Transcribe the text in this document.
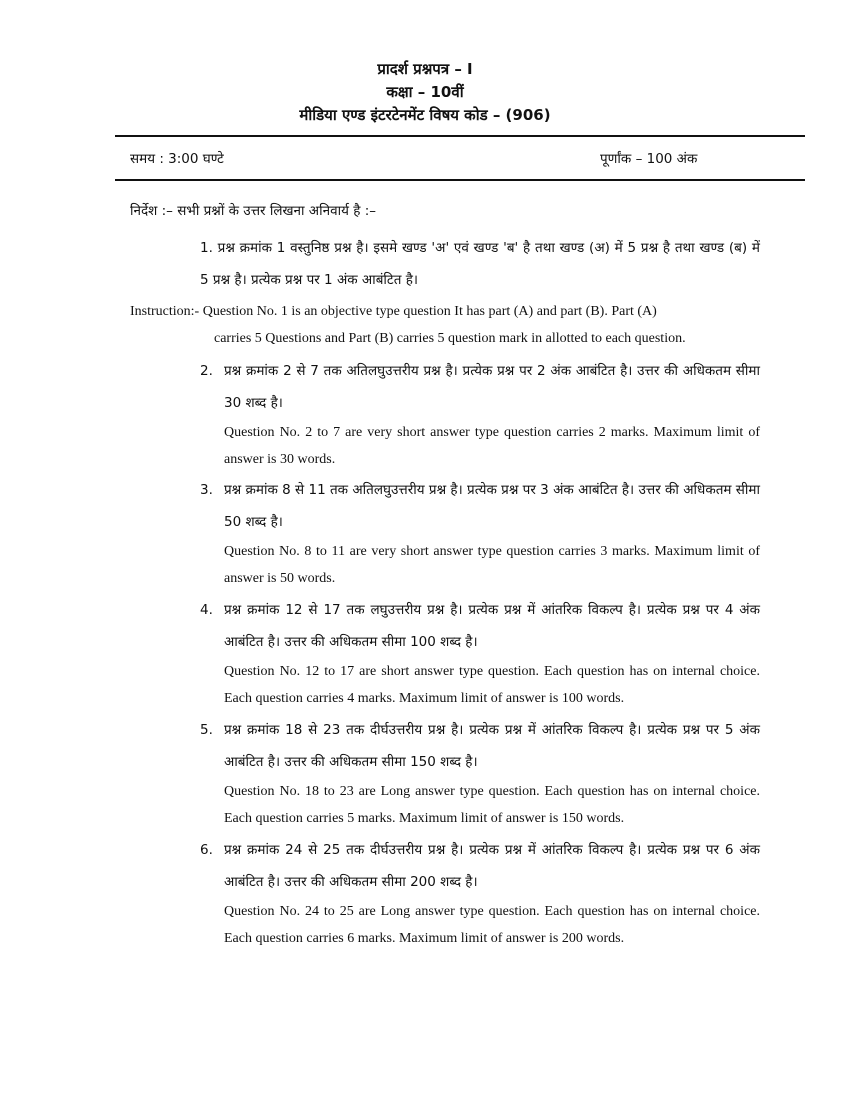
प्रादर्श प्रश्नपत्र – I
कक्षा – 10वीं
मीडिया एण्ड इंटरटेनमेंट विषय कोड – (906)
समय : 3:00 घण्टे	पूर्णांक – 100 अंक
निर्देश :– सभी प्रश्नों के उत्तर लिखना अनिवार्य है :–
1. प्रश्न क्रमांक 1 वस्तुनिष्ठ प्रश्न है। इसमे खण्ड 'अ' एवं खण्ड 'ब' है तथा खण्ड (अ) में 5 प्रश्न है तथा खण्ड (ब) में 5 प्रश्न है। प्रत्येक प्रश्न पर 1 अंक आबंटित है।
Instruction:- Question No. 1 is an objective type question It has part (A) and part (B). Part (A)
carries 5 Questions and Part (B) carries 5 question mark in allotted to each question.
2. प्रश्न क्रमांक 2 से 7 तक अतिलघुउत्तरीय प्रश्न है। प्रत्येक प्रश्न पर 2 अंक आबंटित है। उत्तर की अधिकतम सीमा 30 शब्द है।
Question No. 2 to 7 are very short answer type question carries 2 marks. Maximum limit of answer is 30 words.
3. प्रश्न क्रमांक 8 से 11 तक अतिलघुउत्तरीय प्रश्न है। प्रत्येक प्रश्न पर 3 अंक आबंटित है। उत्तर की अधिकतम सीमा 50 शब्द है।
Question No. 8 to 11 are very short answer type question carries 3 marks. Maximum limit of answer is 50 words.
4. प्रश्न क्रमांक 12 से 17 तक लघुउत्तरीय प्रश्न है। प्रत्येक प्रश्न में आंतरिक विकल्प है। प्रत्येक प्रश्न पर 4 अंक आबंटित है। उत्तर की अधिकतम सीमा 100 शब्द है।
Question No. 12 to 17 are short answer type question. Each question has on internal choice. Each question carries 4 marks. Maximum limit of answer is 100 words.
5. प्रश्न क्रमांक 18 से 23 तक दीर्घउत्तरीय प्रश्न है। प्रत्येक प्रश्न में आंतरिक विकल्प है। प्रत्येक प्रश्न पर 5 अंक आबंटित है। उत्तर की अधिकतम सीमा 150 शब्द है।
Question No. 18 to 23 are Long answer type question. Each question has on internal choice. Each question carries 5 marks. Maximum limit of answer is 150 words.
6. प्रश्न क्रमांक 24 से 25 तक दीर्घउत्तरीय प्रश्न है। प्रत्येक प्रश्न में आंतरिक विकल्प है। प्रत्येक प्रश्न पर 6 अंक आबंटित है। उत्तर की अधिकतम सीमा 200 शब्द है।
Question No. 24 to 25 are Long answer type question. Each question has on internal choice. Each question carries 6 marks. Maximum limit of answer is 200 words.
